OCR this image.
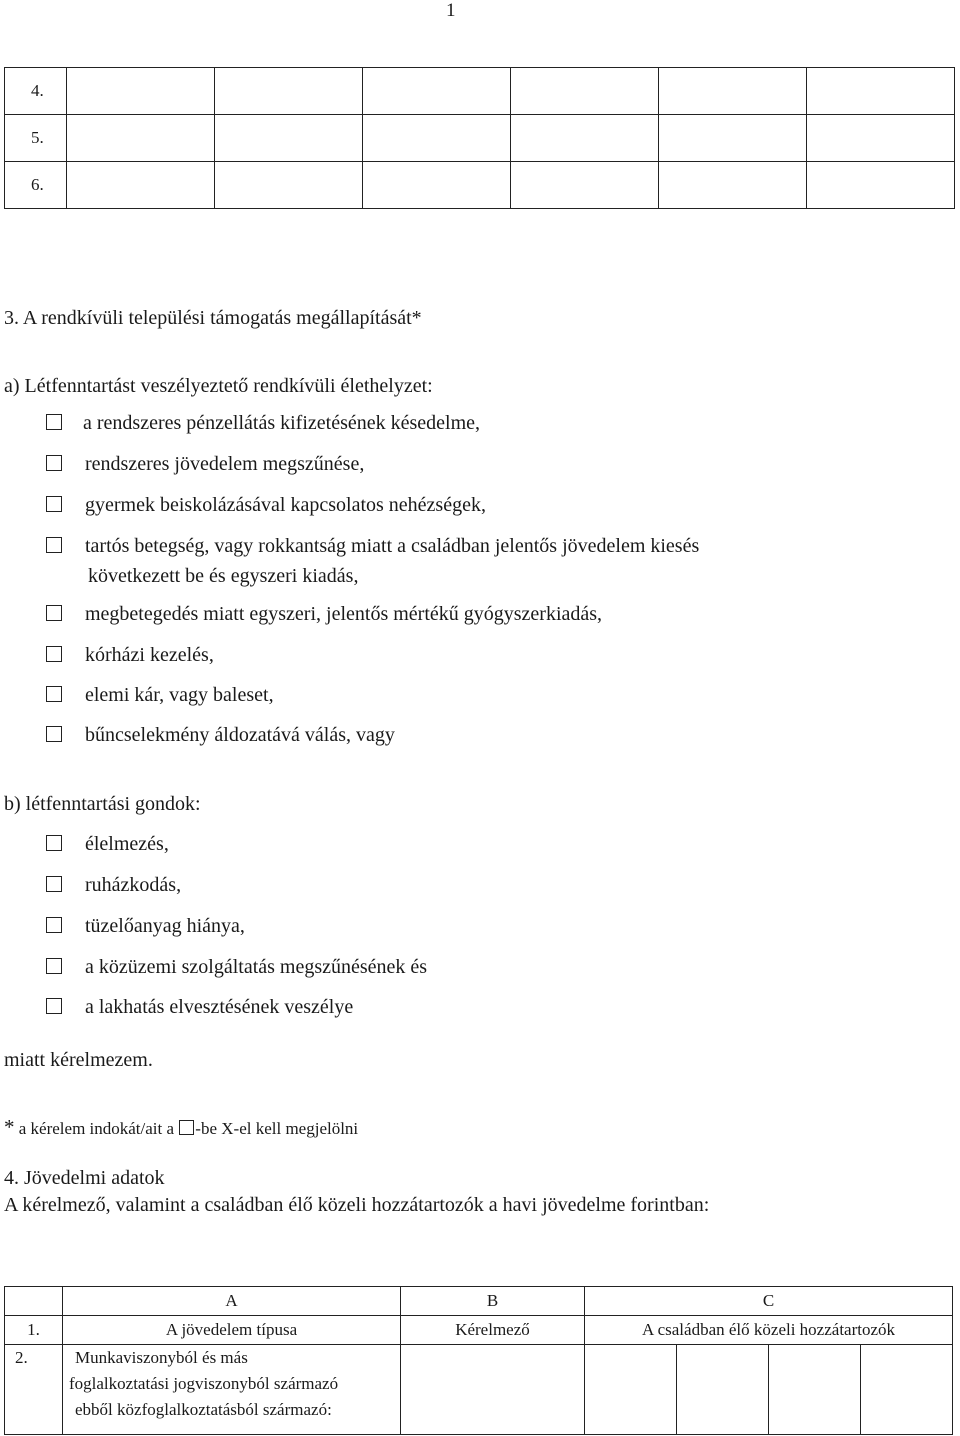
1
4.						
5.						
6.						
3. A rendkívüli települési támogatás megállapítását*
a) Létfenntartást veszélyeztető rendkívüli élethelyzet:
a rendszeres pénzellátás kifizetésének késedelme,
rendszeres jövedelem megszűnése,
gyermek beiskolázásával kapcsolatos nehézségek,
tartós betegség, vagy rokkantság miatt a családban jelentős jövedelem kiesés
következett be és egyszeri kiadás,
megbetegedés miatt egyszeri, jelentős mértékű gyógyszerkiadás,
kórházi kezelés,
elemi kár, vagy baleset,
bűncselekmény áldozatává válás, vagy
b) létfenntartási gondok:
élelmezés,
ruházkodás,
tüzelőanyag hiánya,
a közüzemi szolgáltatás megszűnésének és
a lakhatás elvesztésének veszélye
miatt kérelmezem.
* a kérelem indokát/ait a -be X-el kell megjelölni
4. Jövedelmi adatok
A kérelmező, valamint a családban élő közeli hozzátartozók a havi jövedelme forintban:
	A	B	C			
1.	A jövedelem típusa	Kérelmező	A családban élő közeli hozzátartozók			
2.	Munkaviszonyból és más
foglalkoztatási jogviszonyból származó
ebből közfoglalkoztatásból származó:					
